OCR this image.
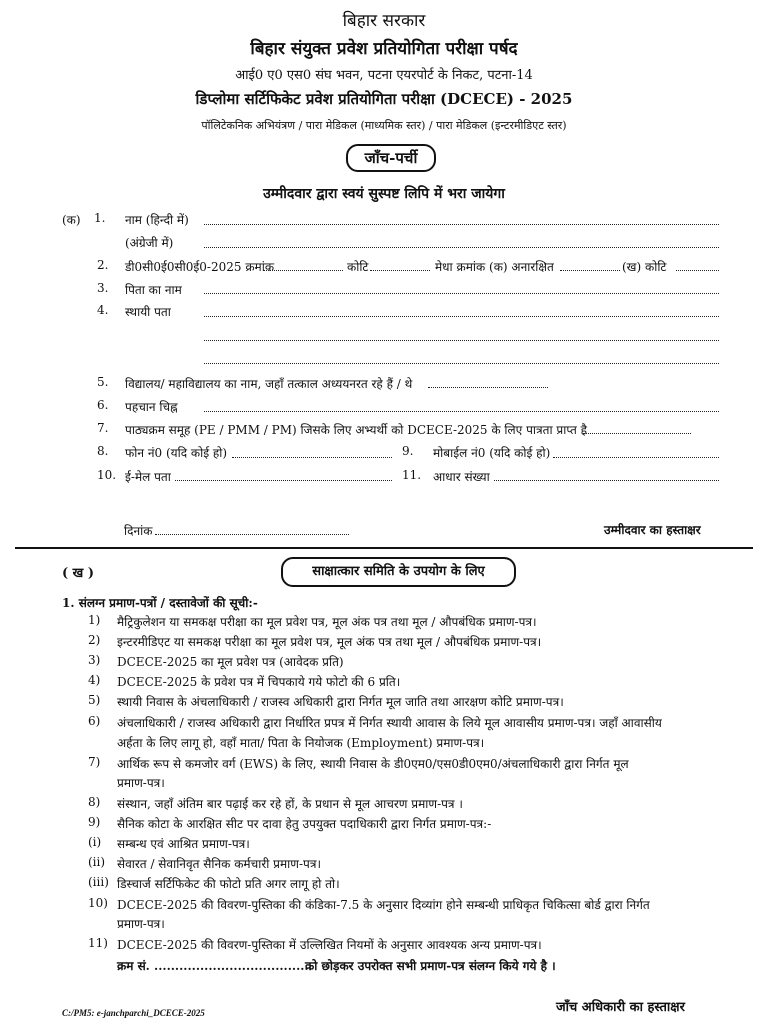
बिहार सरकार
बिहार संयुक्त प्रवेश प्रतियोगिता परीक्षा पर्षद
आई0 ए0 एस0 संघ भवन, पटना एयरपोर्ट के निकट, पटना-14
डिप्लोमा सर्टिफिकेट प्रवेश प्रतियोगिता परीक्षा (DCECE) - 2025
पॉलिटेकनिक अभियंत्रण / पारा मेडिकल (माध्यमिक स्तर) / पारा मेडिकल (इन्टरमीडिएट स्तर)
जाँच-पर्ची
उम्मीदवार द्वारा स्वयं सुस्पष्ट लिपि में भरा जायेगा
(क) 1. नाम (हिन्दी में)
(अंग्रेजी में)
2. डी0सी0ई0सी0ई0-2025 क्रमांक	कोटि	मेधा क्रमांक (क) अनारक्षित	(ख) कोटि
3. पिता का नाम
4. स्थायी पता
5. विद्यालय/ महाविद्यालय का नाम, जहाँ तत्काल अध्ययनरत रहे हैं / थे
6. पहचान चिह्न
7. पाठ्यक्रम समूह (PE / PMM / PM) जिसके लिए अभ्यर्थी को DCECE-2025 के लिए पात्रता प्राप्त है
8. फोन नं0 (यदि कोई हो)	9. मोबाईल नं0 (यदि कोई हो)
10. ई-मेल पता	11. आधार संख्या
दिनांक	उम्मीदवार का हस्ताक्षर
( ख )	साक्षात्कार समिति के उपयोग के लिए
1. संलग्न प्रमाण-पत्रों / दस्तावेजों की सूची:-
1) मैट्रिकुलेशन या समकक्ष परीक्षा का मूल प्रवेश पत्र, मूल अंक पत्र तथा मूल / औपबंधिक प्रमाण-पत्र।
2) इन्टरमीडिएट या समकक्ष परीक्षा का मूल प्रवेश पत्र, मूल अंक पत्र तथा मूल / औपबंधिक प्रमाण-पत्र।
3) DCECE-2025 का मूल प्रवेश पत्र (आवेदक प्रति)
4) DCECE-2025 के प्रवेश पत्र में चिपकाये गये फोटो की 6 प्रति।
5) स्थायी निवास के अंचलाधिकारी / राजस्व अधिकारी द्वारा निर्गत मूल जाति तथा आरक्षण कोटि प्रमाण-पत्र।
6) अंचलाधिकारी / राजस्व अधिकारी द्वारा निर्धारित प्रपत्र में निर्गत स्थायी आवास के लिये मूल आवासीय प्रमाण-पत्र। जहाँ आवासीय
अर्हता के लिए लागू हो, वहाँ माता/ पिता के नियोजक (Employment) प्रमाण-पत्र।
7) आर्थिक रूप से कमजोर वर्ग (EWS) के लिए, स्थायी निवास के डी0एम0/एस0डी0एम0/अंचलाधिकारी द्वारा निर्गत मूल
प्रमाण-पत्र।
8) संस्थान, जहाँ अंतिम बार पढ़ाई कर रहे हों, के प्रधान से मूल आचरण प्रमाण-पत्र ।
9) सैनिक कोटा के आरक्षित सीट पर दावा हेतु उपयुक्त पदाधिकारी द्वारा निर्गत प्रमाण-पत्र:-
(i) सम्बन्ध एवं आश्रित प्रमाण-पत्र।
(ii) सेवारत / सेवानिवृत सैनिक कर्मचारी प्रमाण-पत्र।
(iii) डिस्चार्ज सर्टिफिकेट की फोटो प्रति अगर लागू हो तो।
10) DCECE-2025 की विवरण-पुस्तिका की कंडिका-7.5 के अनुसार दिव्यांग होने सम्बन्धी प्राधिकृत चिकित्सा बोर्ड द्वारा निर्गत
प्रमाण-पत्र।
11) DCECE-2025 की विवरण-पुस्तिका में उल्लिखित नियमों के अनुसार आवश्यक अन्य प्रमाण-पत्र।
क्रम सं. ......................................
को छोड़कर उपरोक्त सभी प्रमाण-पत्र संलग्न किये गये है ।
जाँच अधिकारी का हस्ताक्षर
C:/PM5: e-janchparchi_DCECE-2025
